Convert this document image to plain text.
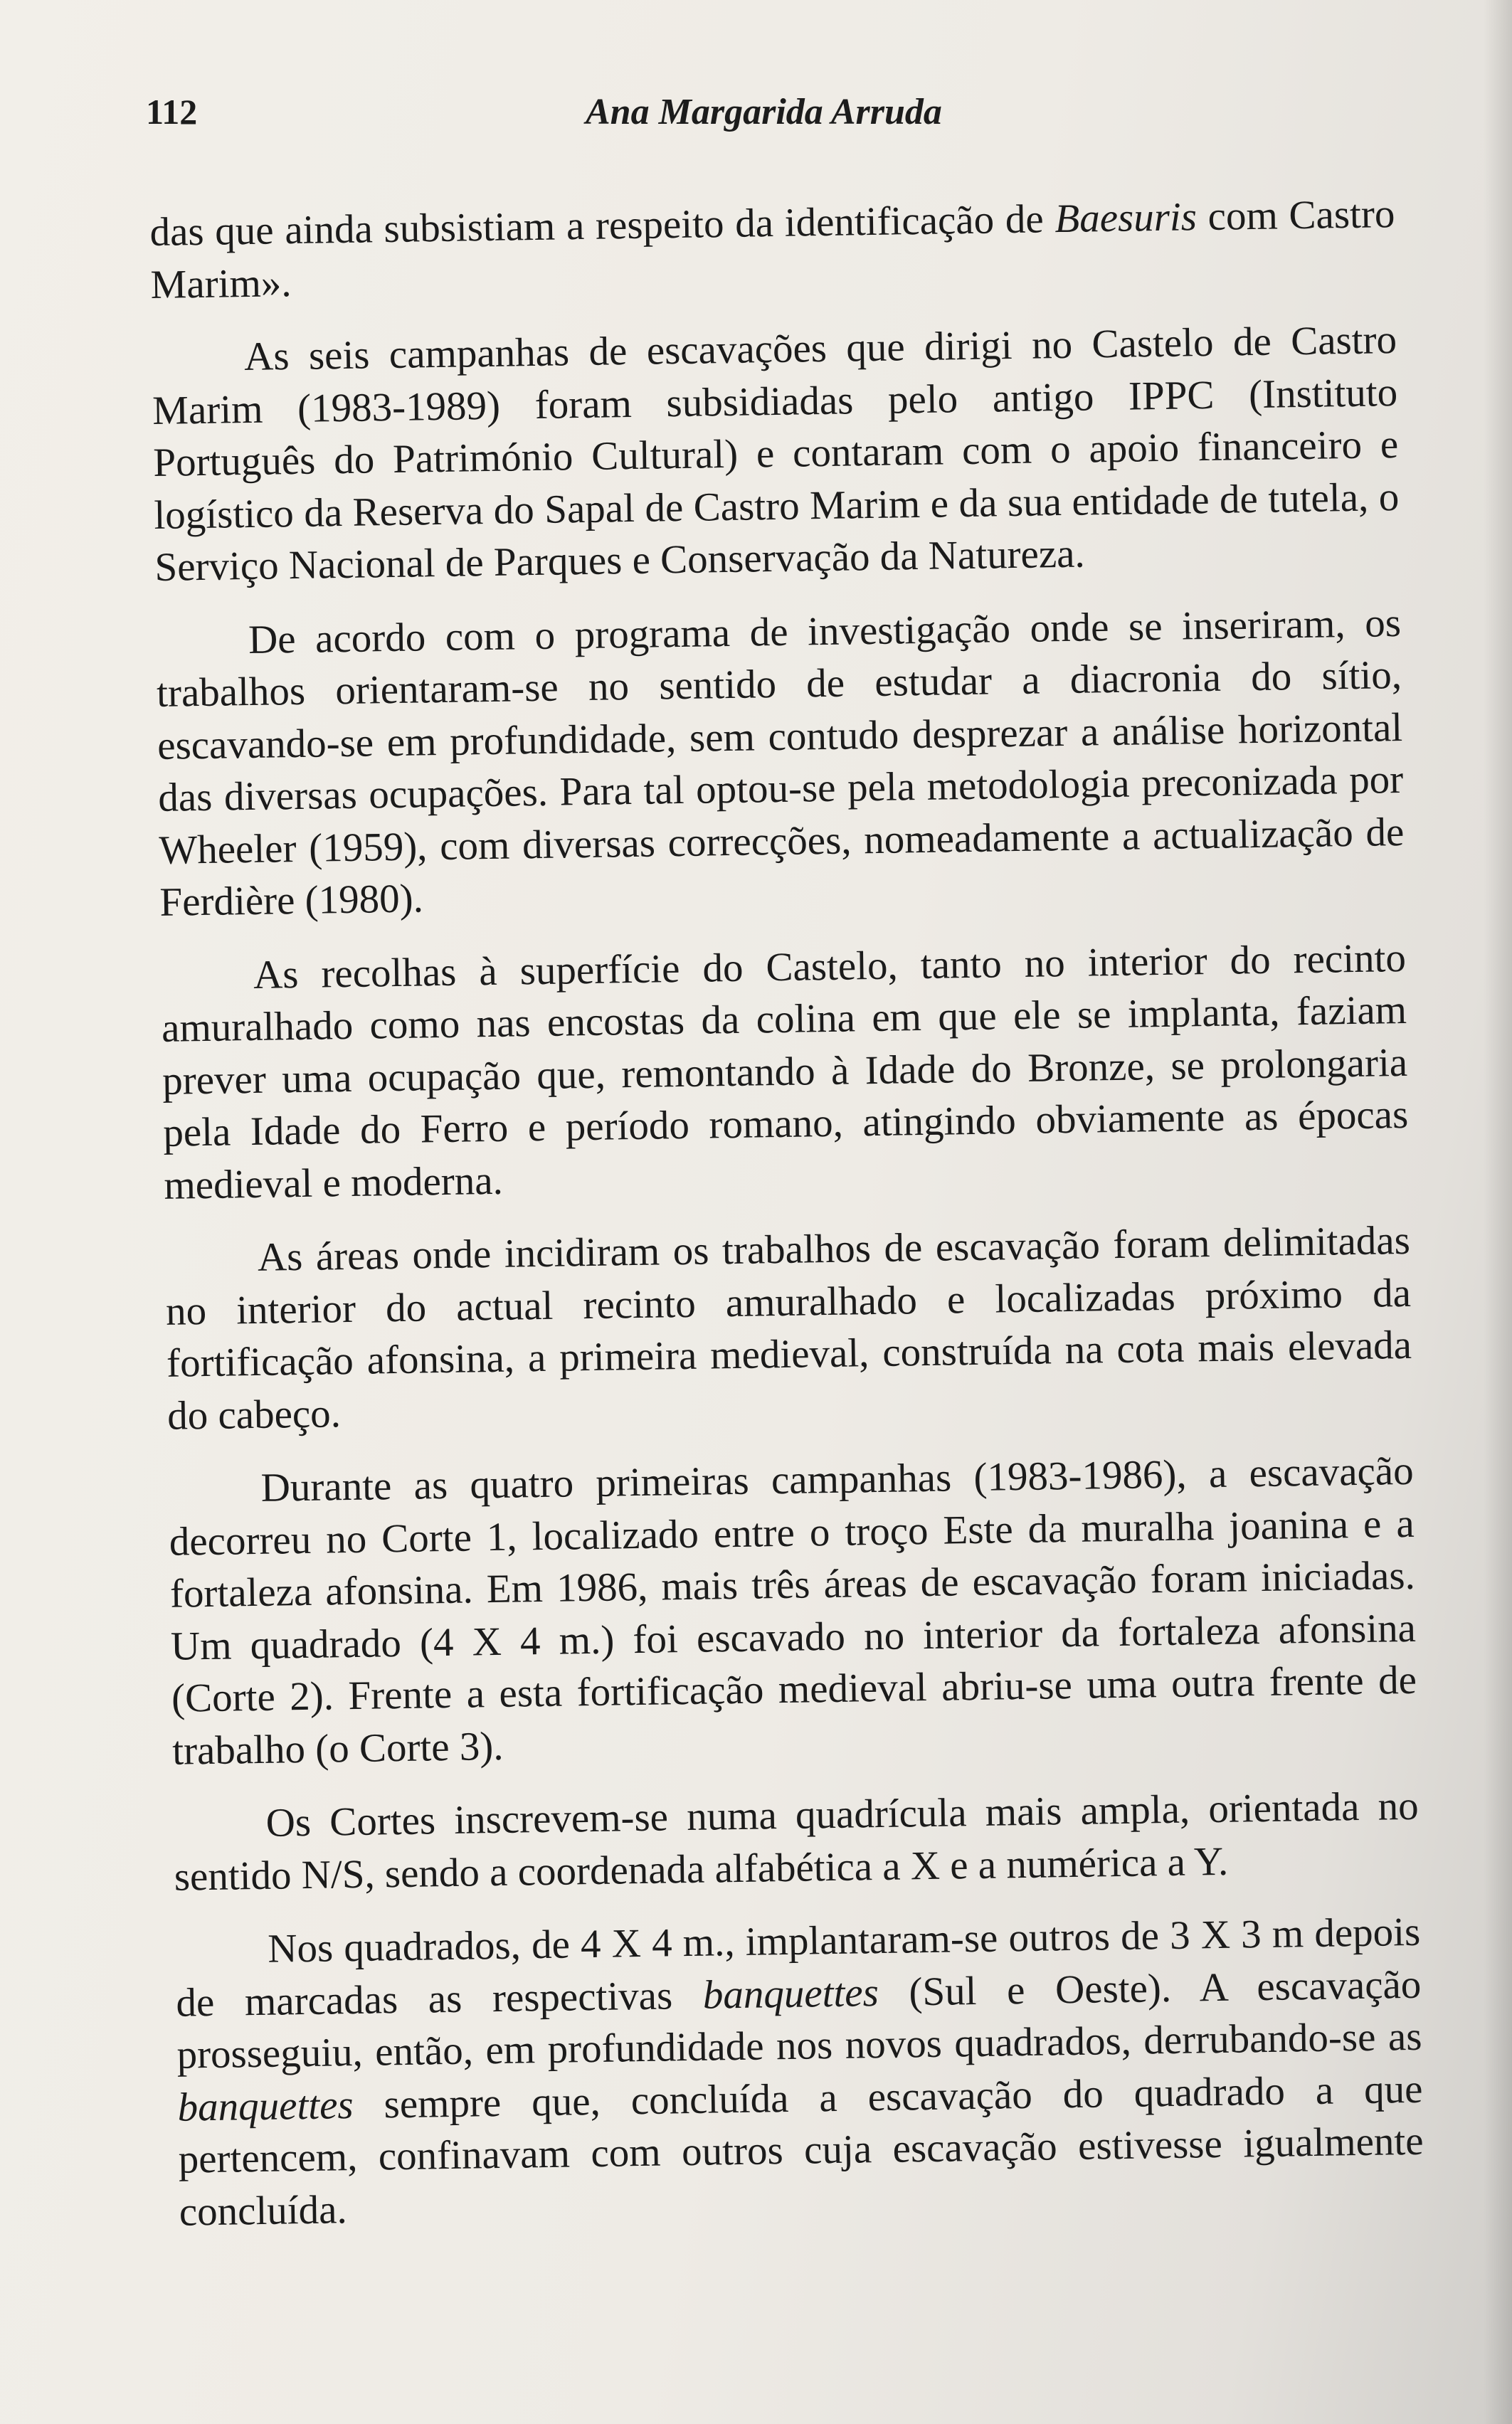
112	Ana Margarida Arruda

das que ainda subsistiam a respeito da identificação de Baesuris com Castro Marim».

As seis campanhas de escavações que dirigi no Castelo de Castro Marim (1983-1989) foram subsidiadas pelo antigo IPPC (Instituto Português do Património Cultural) e contaram com o apoio financeiro e logístico da Reserva do Sapal de Castro Marim e da sua entidade de tutela, o Serviço Nacional de Parques e Conservação da Natureza.

De acordo com o programa de investigação onde se inseriram, os trabalhos orientaram-se no sentido de estudar a diacronia do sítio, escavando-se em profundidade, sem contudo desprezar a análise horizontal das diversas ocupações. Para tal optou-se pela metodologia preconizada por Wheeler (1959), com diversas correcções, nomeadamente a actualização de Ferdière (1980).

As recolhas à superfície do Castelo, tanto no interior do recinto amuralhado como nas encostas da colina em que ele se implanta, faziam prever uma ocupação que, remontando à Idade do Bronze, se prolongaria pela Idade do Ferro e período romano, atingindo obviamente as épocas medieval e moderna.

As áreas onde incidiram os trabalhos de escavação foram delimitadas no interior do actual recinto amuralhado e localizadas próximo da fortificação afonsina, a primeira medieval, construída na cota mais elevada do cabeço.

Durante as quatro primeiras campanhas (1983-1986), a escavação decorreu no Corte 1, localizado entre o troço Este da muralha joanina e a fortaleza afonsina. Em 1986, mais três áreas de escavação foram iniciadas. Um quadrado (4 X 4 m.) foi escavado no interior da fortaleza afonsina (Corte 2). Frente a esta fortificação medieval abriu-se uma outra frente de trabalho (o Corte 3).

Os Cortes inscrevem-se numa quadrícula mais ampla, orientada no sentido N/S, sendo a coordenada alfabética a X e a numérica a Y.

Nos quadrados, de 4 X 4 m., implantaram-se outros de 3 X 3 m depois de marcadas as respectivas banquettes (Sul e Oeste). A escavação prosseguiu, então, em profundidade nos novos quadrados, derrubando-se as banquettes sempre que, concluída a escavação do quadrado a que pertencem, confinavam com outros cuja escavação estivesse igualmente concluída.
